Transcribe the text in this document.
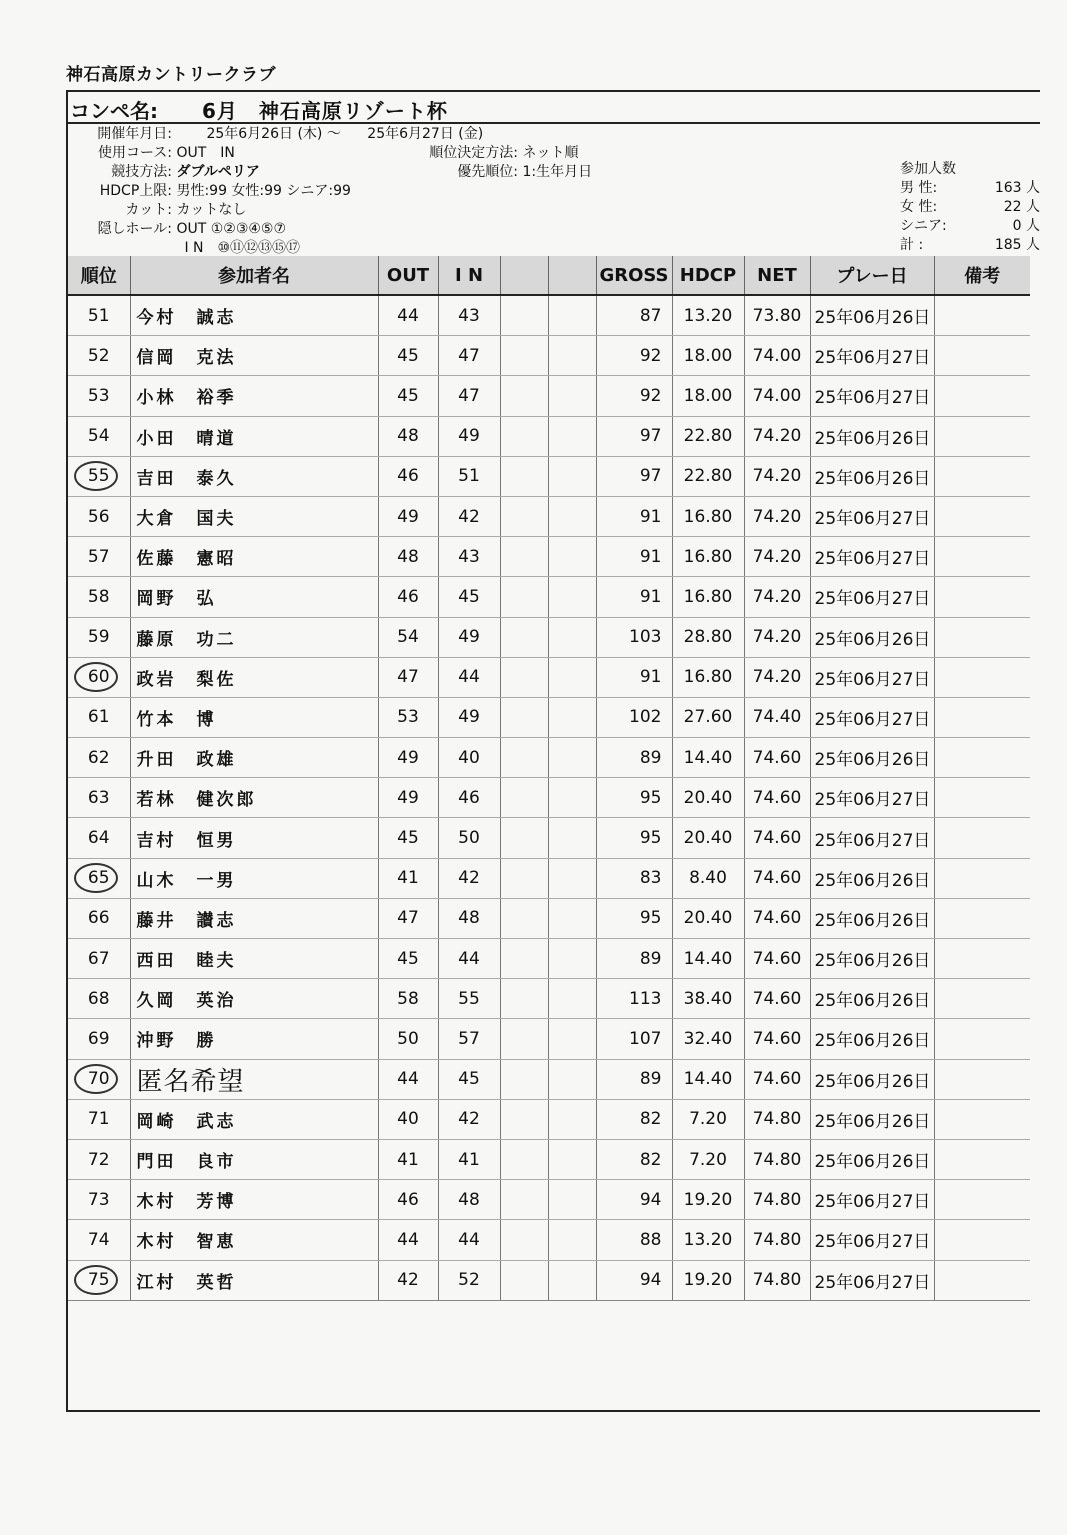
神石高原カントリークラブ
コンペ名: 6月　神石高原リゾート杯
開催年月日: 25年6月26日 (木) ～ 25年6月27日 (金)
使用コース: OUT　IN
競技方法: ダブルペリア
HDCP上限: 男性:99 女性:99 シニア:99
カット: カットなし
隠しホール: OUT ①②③④⑤⑦
I N　⑩⑪⑫⑬⑮⑰
順位決定方法: ネット順
優先順位: 1:生年月日	参加人数
男 性:	163 人
女 性:	22 人
シニア:	0 人
計 :	185 人
順位	参加者名	OUT	I N			GROSS	HDCP	NET	プレー日	備考
51	今村　誠志	44	43			87	13.20	73.80	25年06月26日	
52	信岡　克法	45	47			92	18.00	74.00	25年06月27日	
53	小林　裕季	45	47			92	18.00	74.00	25年06月27日	
54	小田　晴道	48	49			97	22.80	74.20	25年06月26日	
55	吉田　泰久	46	51			97	22.80	74.20	25年06月26日	
56	大倉　国夫	49	42			91	16.80	74.20	25年06月27日	
57	佐藤　憲昭	48	43			91	16.80	74.20	25年06月27日	
58	岡野　弘	46	45			91	16.80	74.20	25年06月27日	
59	藤原　功二	54	49			103	28.80	74.20	25年06月26日	
60	政岩　梨佐	47	44			91	16.80	74.20	25年06月27日	
61	竹本　博	53	49			102	27.60	74.40	25年06月27日	
62	升田　政雄	49	40			89	14.40	74.60	25年06月26日	
63	若林　健次郎	49	46			95	20.40	74.60	25年06月27日	
64	吉村　恒男	45	50			95	20.40	74.60	25年06月27日	
65	山木　一男	41	42			83	8.40	74.60	25年06月26日	
66	藤井　讃志	47	48			95	20.40	74.60	25年06月26日	
67	西田　睦夫	45	44			89	14.40	74.60	25年06月26日	
68	久岡　英治	58	55			113	38.40	74.60	25年06月26日	
69	沖野　勝	50	57			107	32.40	74.60	25年06月26日	
70	匿名希望	44	45			89	14.40	74.60	25年06月26日	
71	岡崎　武志	40	42			82	7.20	74.80	25年06月26日	
72	門田　良市	41	41			82	7.20	74.80	25年06月26日	
73	木村　芳博	46	48			94	19.20	74.80	25年06月27日	
74	木村　智恵	44	44			88	13.20	74.80	25年06月27日	
75	江村　英哲	42	52			94	19.20	74.80	25年06月27日	
